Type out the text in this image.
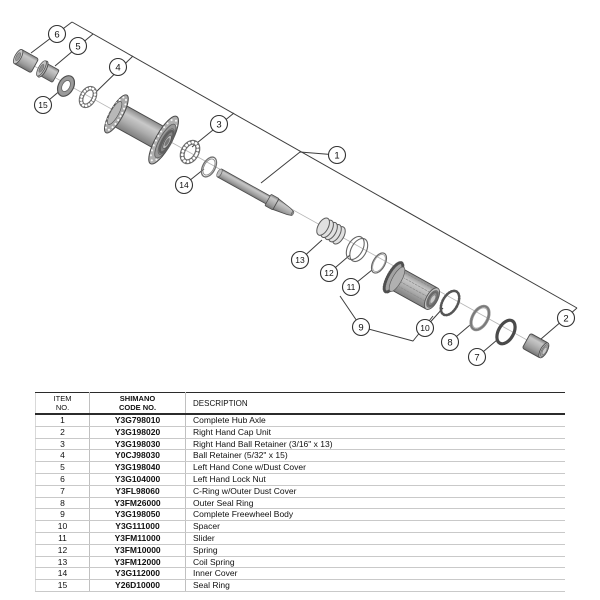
6
5
4
15
3
1
14
13
12
11
9	10
8
7
2
ITEM
NO.

SHIMANO
CODE NO.	DESCRIPTION
1	Y3G798010	Complete Hub Axle
2	Y3G198020	Right Hand Cap Unit
3	Y3G198030	Right Hand Ball Retainer (3/16" x 13)
4	Y0CJ98030	Ball Retainer (5/32" x 15)
5	Y3G198040	Left Hand Cone w/Dust Cover
6	Y3G104000	Left Hand Lock Nut
7	Y3FL98060	C-Ring w/Outer Dust Cover
8	Y3FM26000	Outer Seal Ring
9	Y3G198050	Complete Freewheel Body
10	Y3G111000	Spacer
11	Y3FM11000	Slider
12	Y3FM10000	Spring
13	Y3FM12000	Coil Spring
14	Y3G112000	Inner Cover
15	Y26D10000	Seal Ring
